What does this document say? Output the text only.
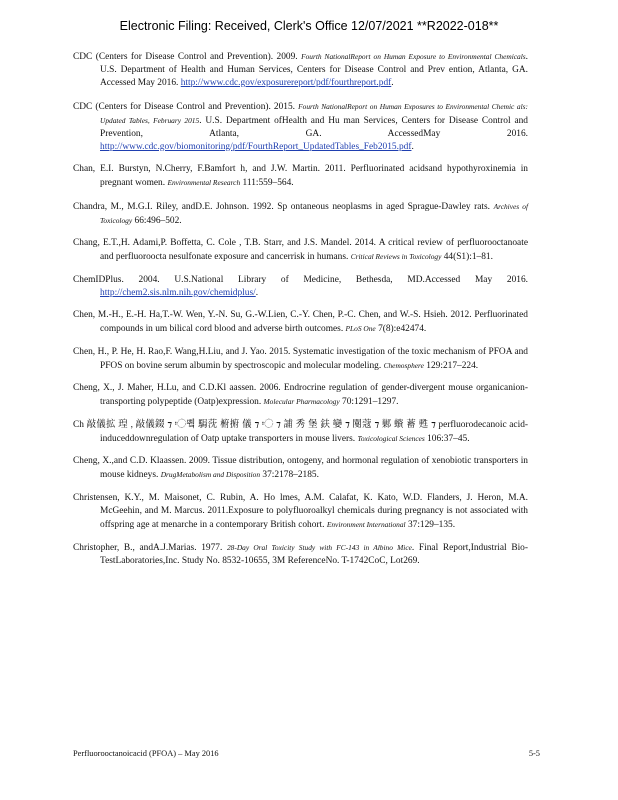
Electronic Filing: Received, Clerk's Office 12/07/2021 **R2022-018**
CDC (Centers for Disease Control and Prevention). 2009. Fourth NationalReport on Human Exposure to Environmental Chemicals. U.S. Department of Health and Human Services, Centers for Disease Control and Prev ention, Atlanta, GA. Accessed May 2016. http://www.cdc.gov/exposurereport/pdf/fourthreport.pdf.
CDC (Centers for Disease Control and Prevention). 2015. Fourth NationalReport on Human Exposures to Environmental Chemic als: Updated Tables, February 2015. U.S. Department ofHealth and Hu man Services, Centers for Disease Control and Prevention, Atlanta, GA. AccessedMay 2016. http://www.cdc.gov/biomonitoring/pdf/FourthReport_UpdatedTables_Feb2015.pdf.
Chan, E.I. Burstyn, N.Cherry, F.Bamfort h, and J.W. Martin. 2011. Perfluorinated acidsand hypothyroxinemia in pregnant women. Environmental Research 111:559–564.
Chandra, M., M.G.I. Riley, andD.E. Johnson. 1992. Sp ontaneous neoplasms in aged Sprague-Dawley rats. Archives of Toxicology 66:496–502.
Chang, E.T.,H. Adami,P. Boffetta, C. Cole , T.B. Starr, and J.S. Mandel. 2014. A critical review of perfluorooctanoate and perfluoroocta nesulfonate exposure and cancerrisk in humans. Critical Reviews in Toxicology 44(S1):1–81.
ChemIDPlus. 2004. U.S.National Library of Medicine, Bethesda, MD.Accessed May 2016. http://chem2.sis.nlm.nih.gov/chemidplus/.
Chen, M.-H., E.-H. Ha,T.-W. Wen, Y.-N. Su, G.-W.Lien, C.-Y. Chen, P.-C. Chen, and W.-S. Hsieh. 2012. Perfluorinated compounds in um bilical cord blood and adverse birth outcomes. PLoS One 7(8):e42474.
Chen, H., P. He, H. Rao,F. Wang,H.Liu, and J. Yao. 2015. Systematic investigation of the toxic mechanism of PFOA and PFOS on bovine serum albumin by spectroscopic and molecular modeling. Chemosphere 129:217–224.
Cheng, X., J. Maher, H.Lu, and C.D.Kl aassen. 2006. Endrocrine regulation of gender-divergent mouse organicanion-transporting polypeptide (Oatp)expression. Molecular Pharmacology 70:1291–1297.
Ch 敲儀拡 瑝 , 敲儀錣 ⁊ 〯쀀 駶莐 椨捬 儀 ⁊ 〯 ⁊ 誧 秀 堡 鈇 孌 ⁊ 閺蔻 ⁊ 鄛 蠀 蓄 甦 ⁊ perfluorodecanoic acid-induceddownregulation of Oatp uptake transporters in mouse livers. Toxicological Sciences 106:37–45.
Cheng, X.,and C.D. Klaassen. 2009. Tissue distribution, ontogeny, and hormonal regulation of xenobiotic transporters in mouse kidneys. DrugMetabolism and Disposition 37:2178–2185.
Christensen, K.Y., M. Maisonet, C. Rubin, A. Ho lmes, A.M. Calafat, K. Kato, W.D. Flanders, J. Heron, M.A. McGeehin, and M. Marcus. 2011.Exposure to polyfluoroalkyl chemicals during pregnancy is not associated with offspring age at menarche in a contemporary British cohort. Environment International 37:129–135.
Christopher, B., andA.J.Marias. 1977. 28-Day Oral Toxicity Study with FC-143 in Albino Mice. Final Report,Industrial Bio-TestLaboratories,Inc. Study No. 8532-10655, 3M ReferenceNo. T-1742CoC, Lot269.
Perfluorooctanoicacid (PFOA) – May 2016	5-5
